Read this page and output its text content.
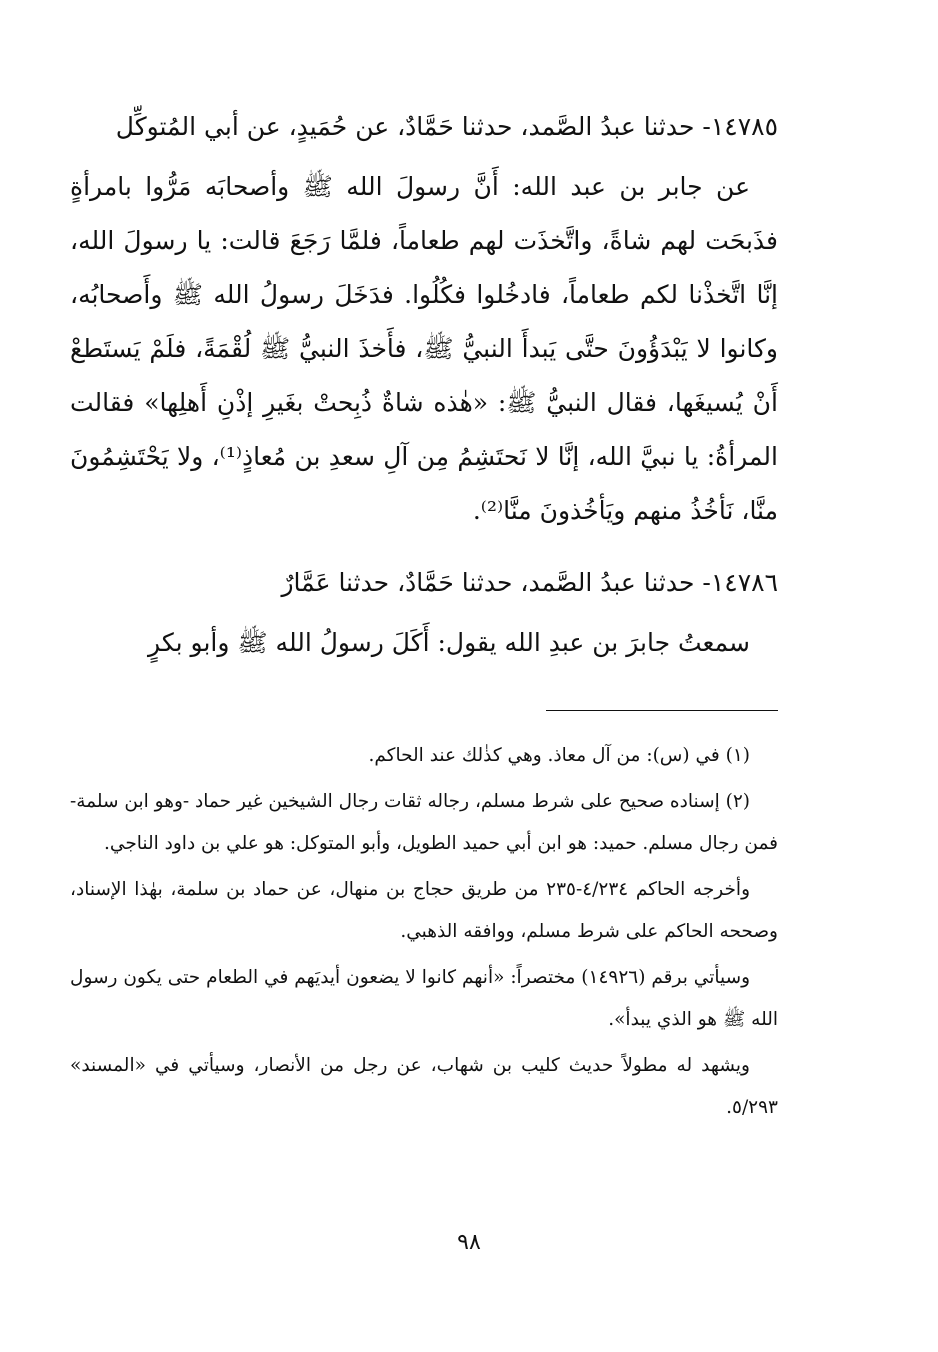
١٤٧٨٥- حدثنا عبدُ الصَّمد، حدثنا حَمَّادٌ، عن حُمَيدٍ، عن أبي المُتوكِّل

عن جابر بن عبد الله: أَنَّ رسولَ الله ﷺ وأصحابَه مَرُّوا بامرأةٍ فذَبحَت لهم شاةً، واتَّخذَت لهم طعاماً، فلمَّا رَجَعَ قالت: يا رسولَ الله، إنَّا اتَّخذْنا لكم طعاماً، فادخُلوا فكُلُوا. فدَخَلَ رسولُ الله ﷺ وأَصحابُه، وكانوا لا يَبْدَؤُونَ حتَّى يَبدأَ النبيُّ ﷺ، فأَخذَ النبيُّ ﷺ لُقْمَةً، فلَمْ يَستَطعْ أَنْ يُسيغَها، فقال النبيُّ ﷺ: «هٰذه شاةٌ ذُبِحتْ بغَيرِ إذْنِ أَهلِها» فقالت المرأةُ: يا نبيَّ الله، إنَّا لا نَحتَشِمُ مِن آلِ سعدِ بن مُعاذٍ⁽¹⁾، ولا يَحْتَشِمُونَ منَّا، نَأخُذُ منهم ويَأخُذونَ منَّا⁽²⁾.

١٤٧٨٦- حدثنا عبدُ الصَّمد، حدثنا حَمَّادٌ، حدثنا عَمَّارٌ

سمعتُ جابرَ بن عبدِ الله يقول: أَكَلَ رسولُ الله ﷺ وأبو بكرٍ

(١) في (س): من آل معاذ. وهي كذٰلك عند الحاكم.

(٢) إسناده صحيح على شرط مسلم، رجاله ثقات رجال الشيخين غير حماد -وهو ابن سلمة- فمن رجال مسلم. حميد: هو ابن أبي حميد الطويل، وأبو المتوكل: هو علي بن داود الناجي.

وأخرجه الحاكم ٤/٢٣٤-٢٣٥ من طريق حجاج بن منهال، عن حماد بن سلمة، بهٰذا الإسناد، وصححه الحاكم على شرط مسلم، ووافقه الذهبي.

وسيأتي برقم (١٤٩٢٦) مختصراً: «أنهم كانوا لا يضعون أيديَهم في الطعام حتى يكون رسول الله ﷺ هو الذي يبدأ».

ويشهد له مطولاً حديث كليب بن شهاب، عن رجل من الأنصار، وسيأتي في «المسند» ٥/٢٩٣.

٩٨
